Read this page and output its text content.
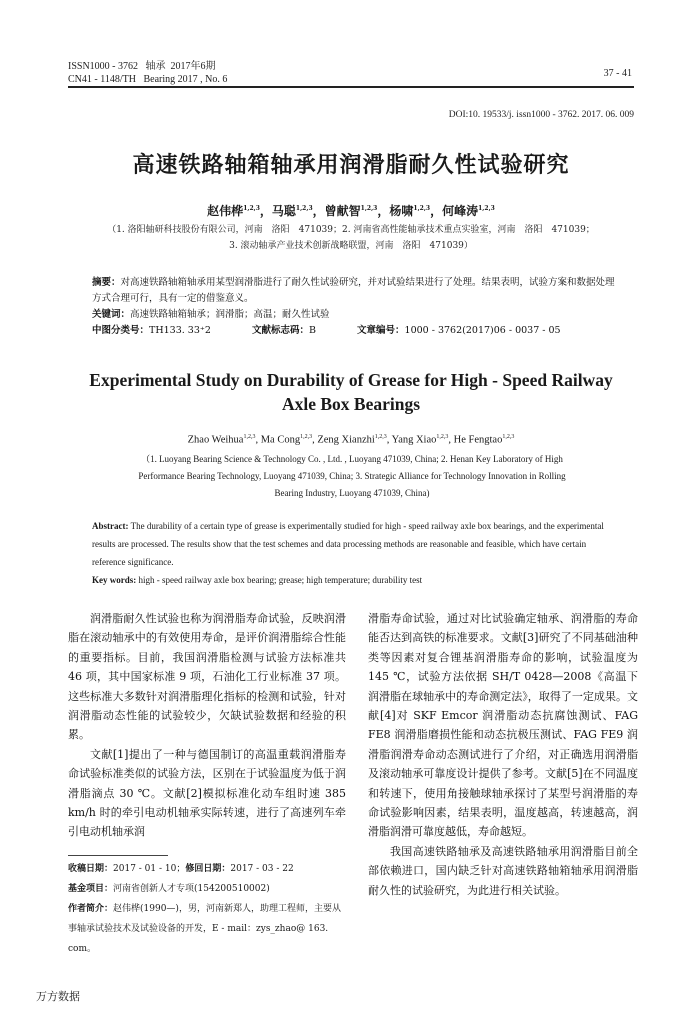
ISSN1000 - 3762 轴承 2017年6期
CN41 - 1148/TH Bearing 2017 , No. 6
37 - 41
DOI:10. 19533/j. issn1000 - 3762. 2017. 06. 009
高速铁路轴箱轴承用润滑脂耐久性试验研究
赵伟桦$^{1,2,3}$，马聪$^{1,2,3}$，曾献智$^{1,2,3}$，杨啸$^{1,2,3}$，何峰涛$^{1,2,3}$
（1. 洛阳轴研科技股份有限公司，河南　洛阳　471039；2. 河南省高性能轴承技术重点实验室，河南　洛阳　471039；
3. 滚动轴承产业技术创新战略联盟，河南　洛阳　471039）
摘要：对高速铁路轴箱轴承用某型润滑脂进行了耐久性试验研究，并对试验结果进行了处理。结果表明，试验方案和数据处理方式合理可行，具有一定的借鉴意义。
关键词：高速铁路轴箱轴承；润滑脂；高温；耐久性试验
中图分类号：TH133. 33⁺2	文献标志码：B	文章编号：1000 - 3762(2017)06 - 0037 - 05
Experimental Study on Durability of Grease for High - Speed Railway
Axle Box Bearings
Zhao Weihua$^{1,2,3}$, Ma Cong$^{1,2,3}$, Zeng Xianzhi$^{1,2,3}$, Yang Xiao$^{1,2,3}$, He Fengtao$^{1,2,3}$
（1. Luoyang Bearing Science & Technology Co. , Ltd. , Luoyang 471039, China; 2. Henan Key Laboratory of High
Performance Bearing Technology, Luoyang 471039, China; 3. Strategic Alliance for Technology Innovation in Rolling
Bearing Industry, Luoyang 471039, China)
Abstract: The durability of a certain type of grease is experimentally studied for high - speed railway axle box bearings, and the experimental results are processed. The results show that the test schemes and data processing methods are reasonable and feasible, which have certain reference significance.
Key words: high - speed railway axle box bearing; grease; high temperature; durability test

润滑脂耐久性试验也称为润滑脂寿命试验，反映润滑脂在滚动轴承中的有效使用寿命，是评价润滑脂综合性能的重要指标。目前，我国润滑脂检测与试验方法标准共 46 项，其中国家标准 9 项，石油化工行业标准 37 项。这些标准大多数针对润滑脂理化指标的检测和试验，针对润滑脂动态性能的试验较少，欠缺试验数据和经验的积累。

文献[1]提出了一种与德国制订的高温重载润滑脂寿命试验标准类似的试验方法，区别在于试验温度为低于润滑脂滴点 30 ℃。文献[2]模拟标准化动车组时速 385 km/h 时的牵引电动机轴承实际转速，进行了高速列车牵引电动机轴承润

收稿日期：2017 - 01 - 10；修回日期：2017 - 03 - 22
基金项目：河南省创新人才专项(154200510002)
作者简介：赵伟桦(1990—)，男，河南新郑人，助理工程师，主要从事轴承试验技术及试验设备的开发，E - mail：zys_zhao@ 163. com。

滑脂寿命试验，通过对比试验确定轴承、润滑脂的寿命能否达到高铁的标准要求。文献[3]研究了不同基础油种类等因素对复合锂基润滑脂寿命的影响，试验温度为 145 ℃，试验方法依据 SH/T 0428—2008《高温下润滑脂在球轴承中的寿命测定法》，取得了一定成果。文献[4]对 SKF Emcor 润滑脂动态抗腐蚀测试、FAG FE8 润滑脂磨损性能和动态抗极压测试、FAG FE9 润滑脂润滑寿命动态测试进行了介绍，对正确选用润滑脂及滚动轴承可靠度设计提供了参考。文献[5]在不同温度和转速下，使用角接触球轴承探讨了某型号润滑脂的寿命试验影响因素，结果表明，温度越高，转速越高，润滑脂润滑可靠度越低，寿命越短。

我国高速铁路轴承及高速铁路轴承用润滑脂目前全部依赖进口，国内缺乏针对高速铁路轴箱轴承用润滑脂耐久性的试验研究，为此进行相关试验。

万方数据
